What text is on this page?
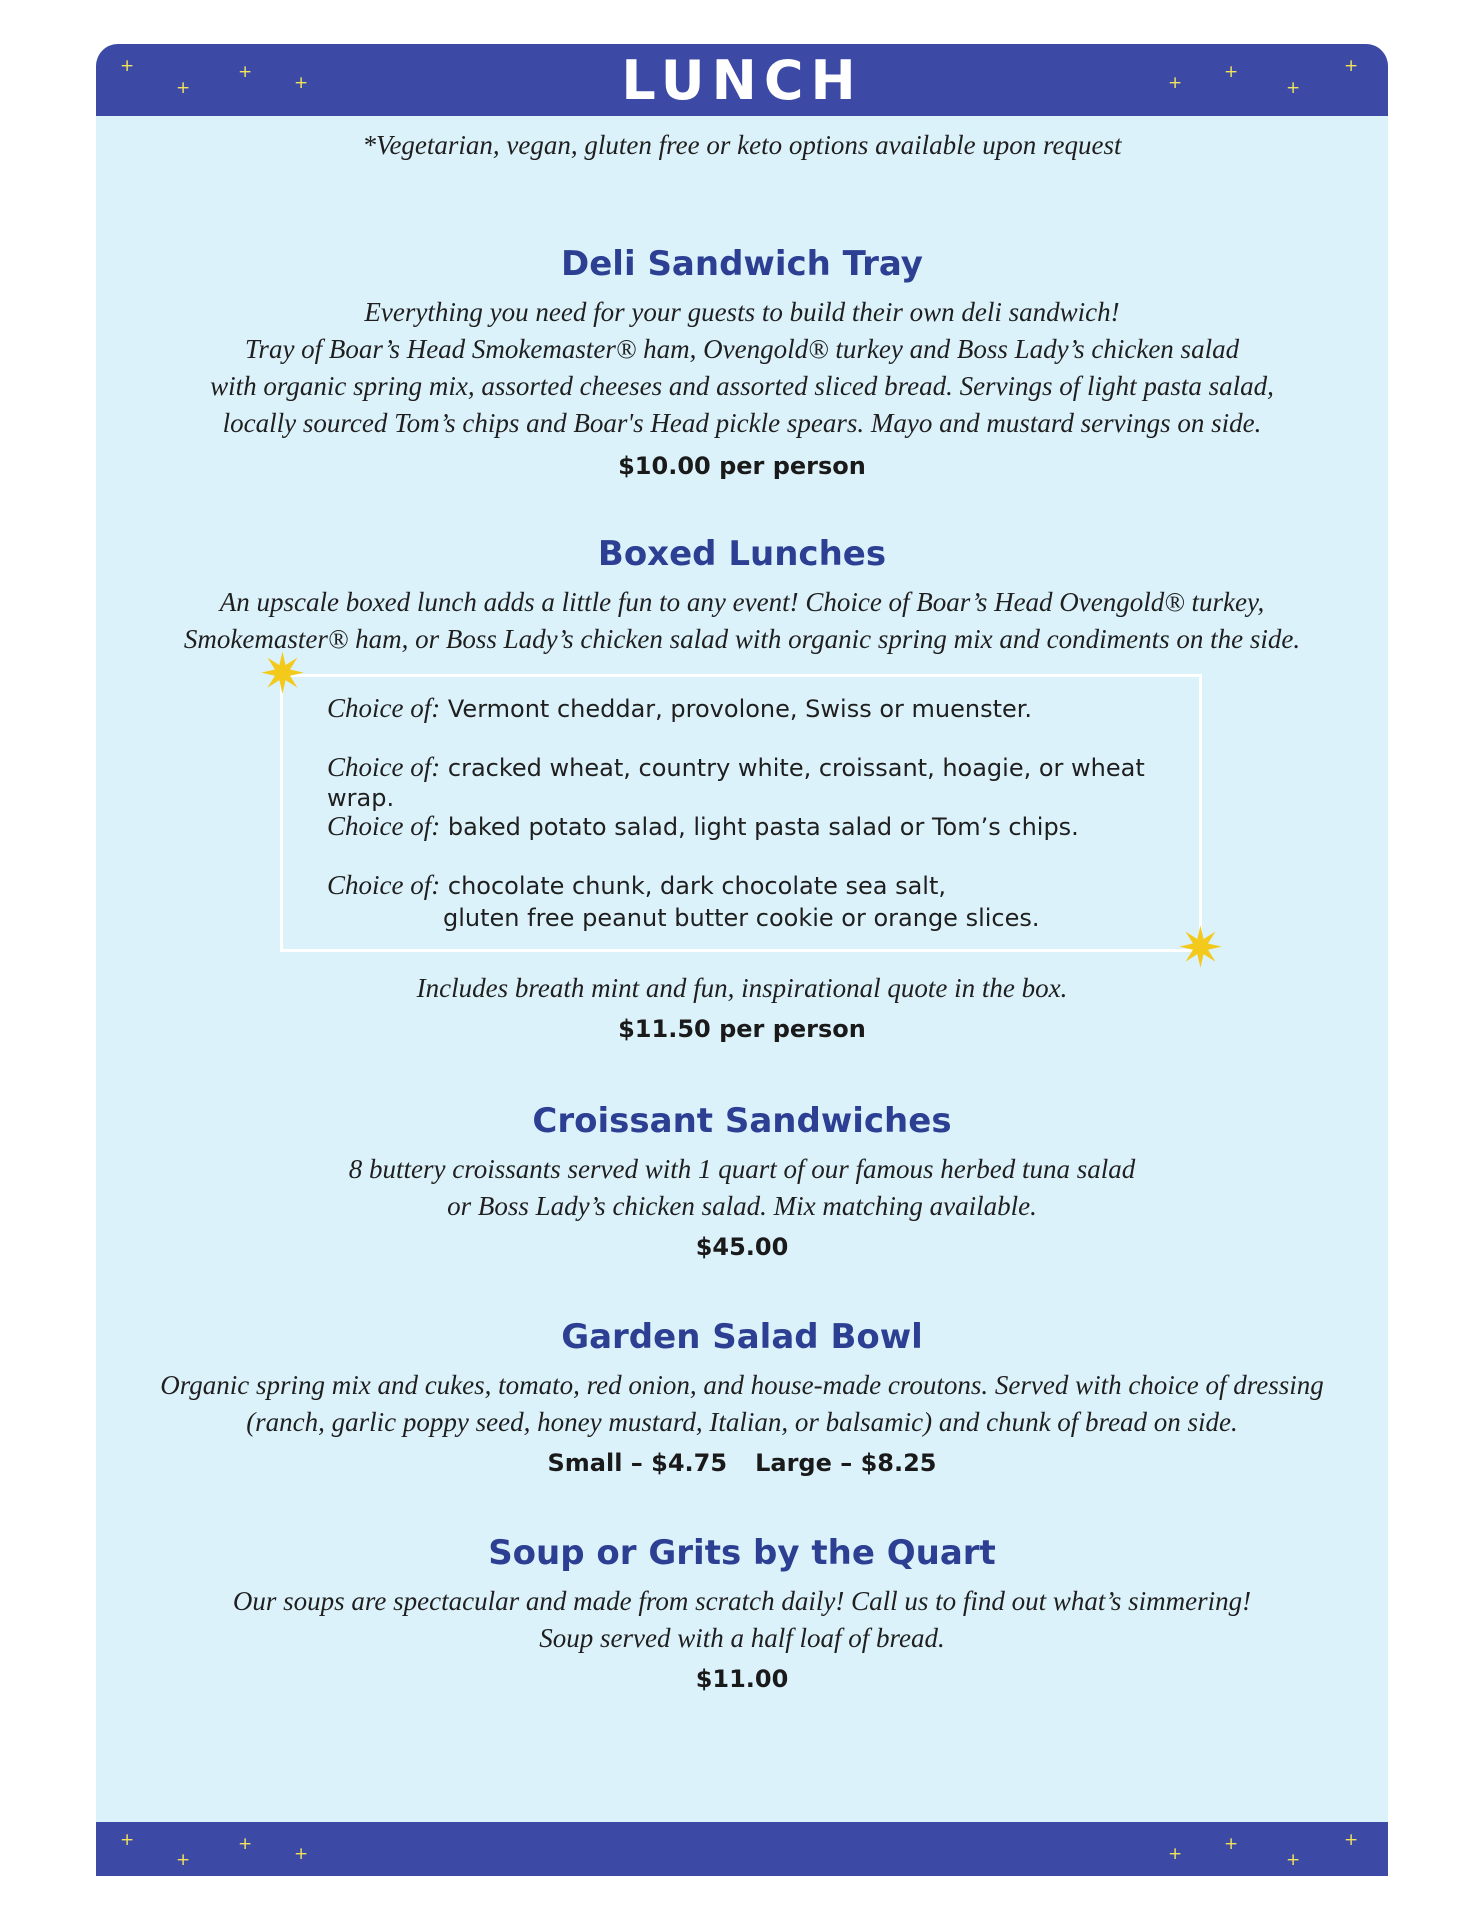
+
+
+
+	+
+
+
+
LUNCH

*Vegetarian, vegan, gluten free or keto options available upon request

Deli Sandwich Tray

Everything you need for your guests to build their own deli sandwich!

Tray of Boar’s Head Smokemaster® ham, Ovengold® turkey and Boss Lady’s chicken salad

with organic spring mix, assorted cheeses and assorted sliced bread. Servings of light pasta salad,

locally sourced Tom’s chips and Boar's Head pickle spears. Mayo and mustard servings on side.

$10.00 per person

Boxed Lunches

An upscale boxed lunch adds a little fun to any event! Choice of Boar’s Head Ovengold® turkey,

Smokemaster® ham, or Boss Lady’s chicken salad with organic spring mix and condiments on the side.

✷
✷
Choice of: Vermont cheddar, provolone, Swiss or muenster.
Choice of: cracked wheat, country white, croissant, hoagie, or wheat wrap.
Choice of: baked potato salad, light pasta salad or Tom’s chips.
Choice of: chocolate chunk, dark chocolate sea salt,
gluten free peanut butter cookie or orange slices.

Includes breath mint and fun, inspirational quote in the box.

$11.50 per person

Croissant Sandwiches

8 buttery croissants served with 1 quart of our famous herbed tuna salad

or Boss Lady’s chicken salad. Mix matching available.

$45.00

Garden Salad Bowl

Organic spring mix and cukes, tomato, red onion, and house-made croutons. Served with choice of dressing

(ranch, garlic poppy seed, honey mustard, Italian, or balsamic) and chunk of bread on side.

Small – $4.75 Large – $8.25

Soup or Grits by the Quart

Our soups are spectacular and made from scratch daily! Call us to find out what’s simmering!

Soup served with a half loaf of bread.

$11.00

+
+
+ +	+ +
+
+
